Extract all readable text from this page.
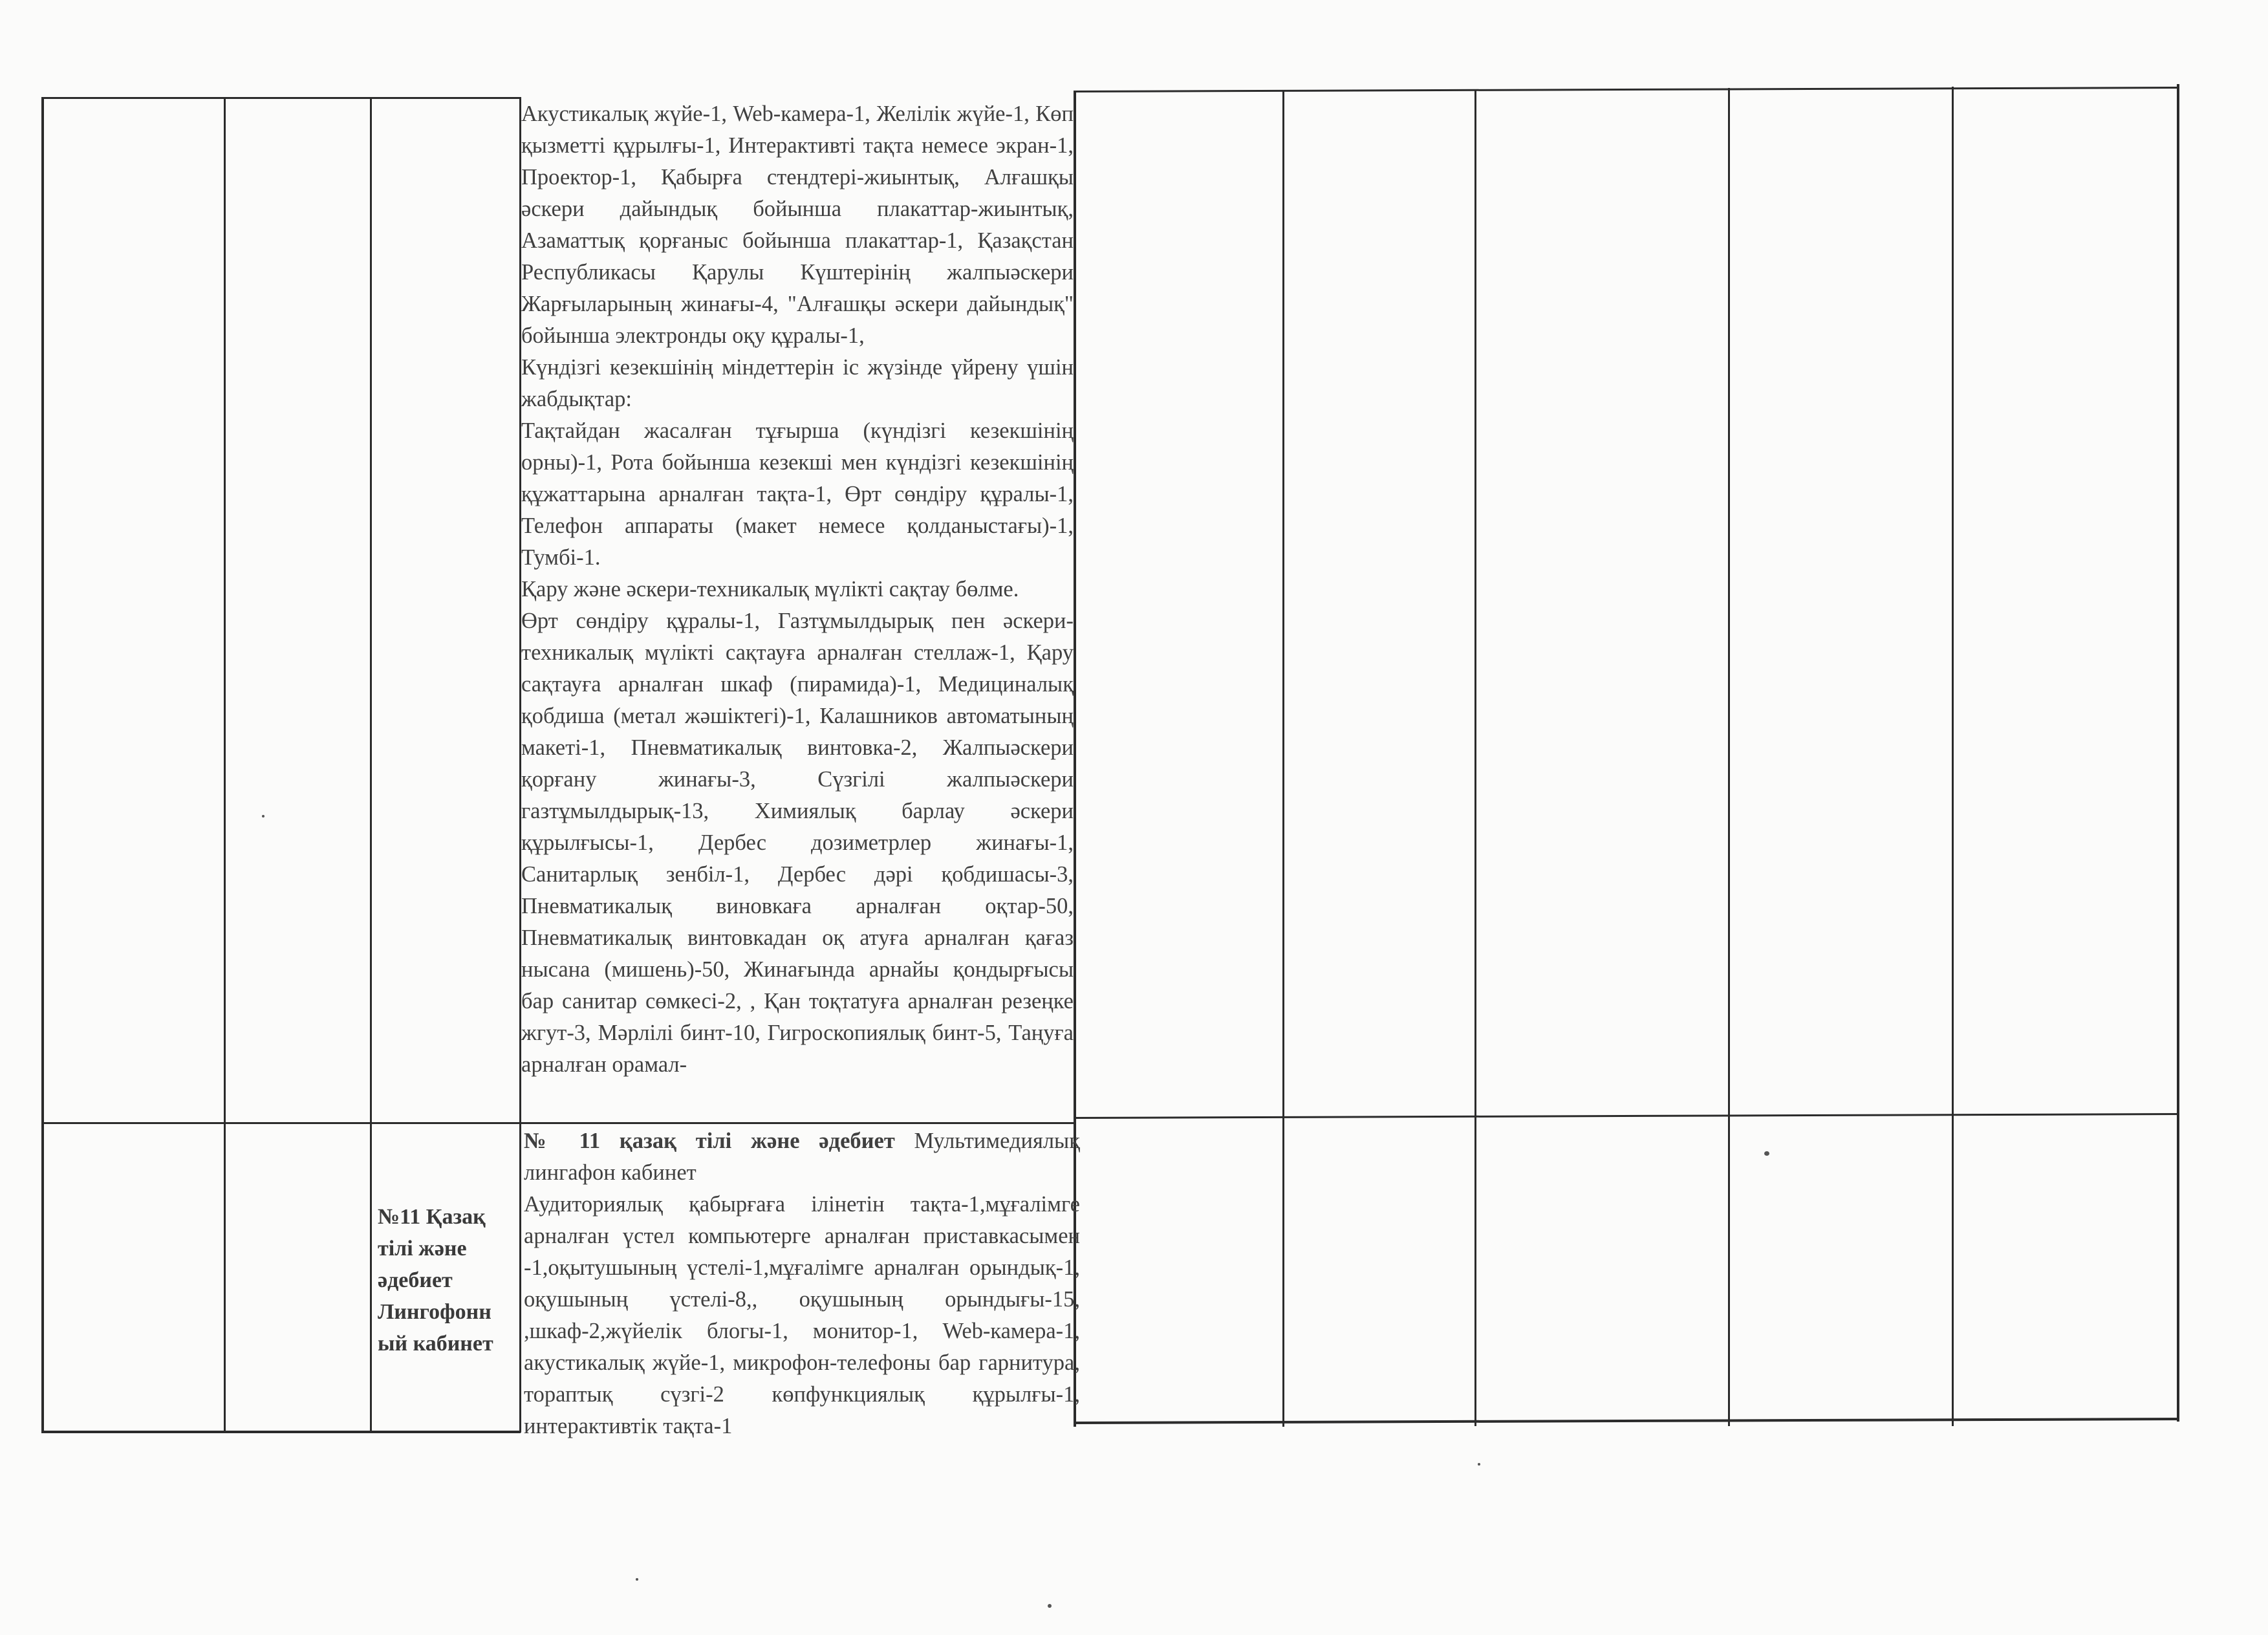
Акустикалық жүйе-1, Web-камера-1, Желілік жүйе-1, Көп қызметті құрылғы-1, Интерактивті тақта немесе экран-1, Проектор-1, Қабырға стендтері-жиынтық, Алғашқы әскери дайындық бойынша плакаттар-жиынтық, Азаматтық қорғаныс бойынша плакаттар-1, Қазақстан Республикасы Қарулы Күштерінің жалпыәскери Жарғыларының жинағы-4, "Алғашқы әскери дайындық" бойынша электронды оқу құралы-1,

Күндізгі кезекшінің міндеттерін іс жүзінде үйрену үшін жабдықтар:

Тақтайдан жасалған тұғырша (күндізгі кезекшінің орны)-1, Рота бойынша кезекші мен күндізгі кезекшінің құжаттарына арналған тақта-1, Өрт сөндіру құралы-1, Телефон аппараты (макет немесе қолданыстағы)-1, Тумбі-1.

Қару және әскери-техникалық мүлікті сақтау бөлме.

Өрт сөндіру құралы-1, Газтұмылдырық пен әскери-техникалық мүлікті сақтауға арналған стеллаж-1, Қару сақтауға арналған шкаф (пирамида)-1, Медициналық қобдиша (метал жәшіктегі)-1, Калашников автоматының макеті-1, Пневматикалық винтовка-2, Жалпыәскери қорғану жинағы-3, Сүзгілі жалпыәскери газтұмылдырық-13, Химиялық барлау әскери құрылғысы-1, Дербес дозиметрлер жинағы-1, Санитарлық зенбіл-1, Дербес дәрі қобдишасы-3, Пневматикалық виновкаға арналған оқтар-50, Пневматикалық винтовкадан оқ атуға арналған қағаз нысана (мишень)-50, Жинағында арнайы қондырғысы бар санитар сөмкесі-2, , Қан тоқтатуға арналған резеңке жгут-3, Мәрлілі бинт-10, Гигроскопиялық бинт-5, Таңуға арналған орамал-

№11 Қазақ
тілі және
әдебиет
Лингофонн
ый кабинет

№ 11 қазақ тілі және әдебиет Мультимедиялық лингафон кабинет

Аудиториялық қабырғаға ілінетін тақта-1,мұғалімге арналған үстел компьютерге арналған приставкасымен -1,оқытушының үстелі-1,мұғалімге арналған орындық-1, оқушының үстелі-8,, оқушының орындығы-15, ,шкаф-2,жүйелік блогы-1, монитор-1, Web-камера-1, акустикалық жүйе-1, микрофон-телефоны бар гарнитура, тораптық сүзгі-2 көпфункциялық құрылғы-1, интерактивтік тақта-1
